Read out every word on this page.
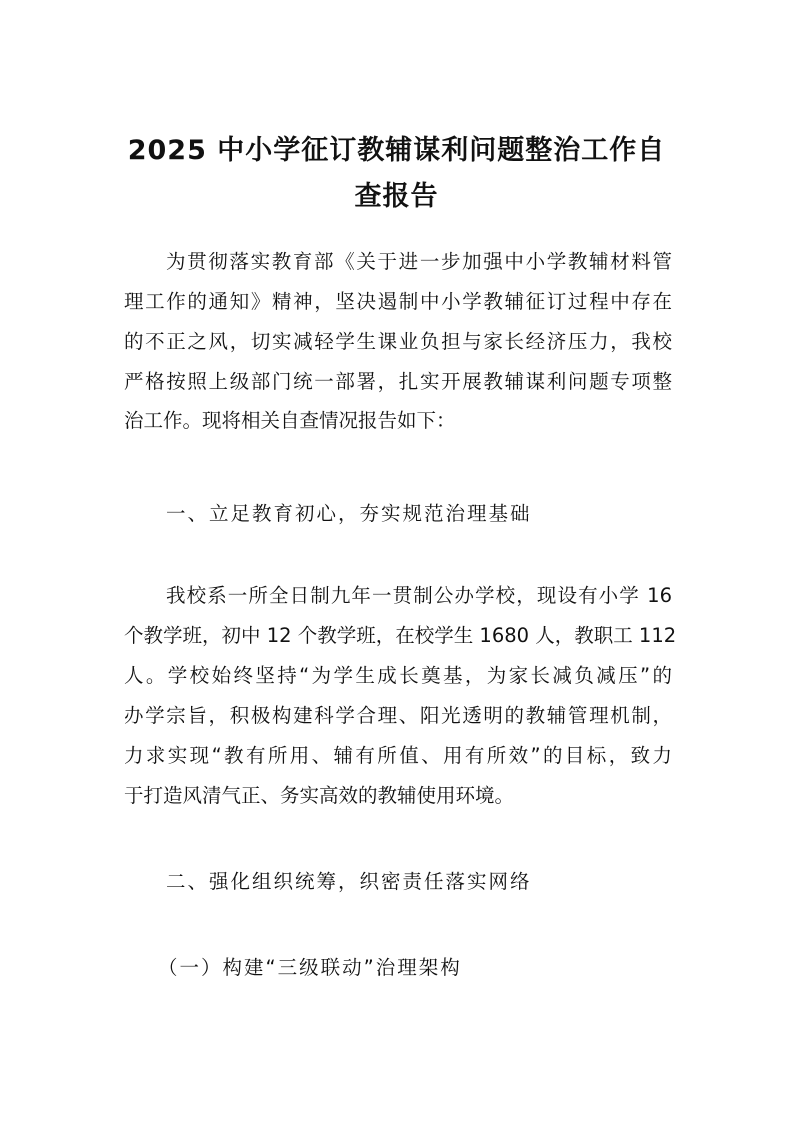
2025 中小学征订教辅谋利问题整治工作自
查报告
为贯彻落实教育部《关于进一步加强中小学教辅材料管
理工作的通知》精神，坚决遏制中小学教辅征订过程中存在
的不正之风，切实减轻学生课业负担与家长经济压力，我校
严格按照上级部门统一部署，扎实开展教辅谋利问题专项整
治工作。现将相关自查情况报告如下：
一、立足教育初心，夯实规范治理基础
我校系一所全日制九年一贯制公办学校，现设有小学 16
个教学班，初中 12 个教学班，在校学生 1680 人，教职工 112
人。学校始终坚持“为学生成长奠基，为家长减负减压”的
办学宗旨，积极构建科学合理、阳光透明的教辅管理机制，
力求实现“教有所用、辅有所值、用有所效”的目标，致力
于打造风清气正、务实高效的教辅使用环境。
二、强化组织统筹，织密责任落实网络
（一）构建“三级联动”治理架构
